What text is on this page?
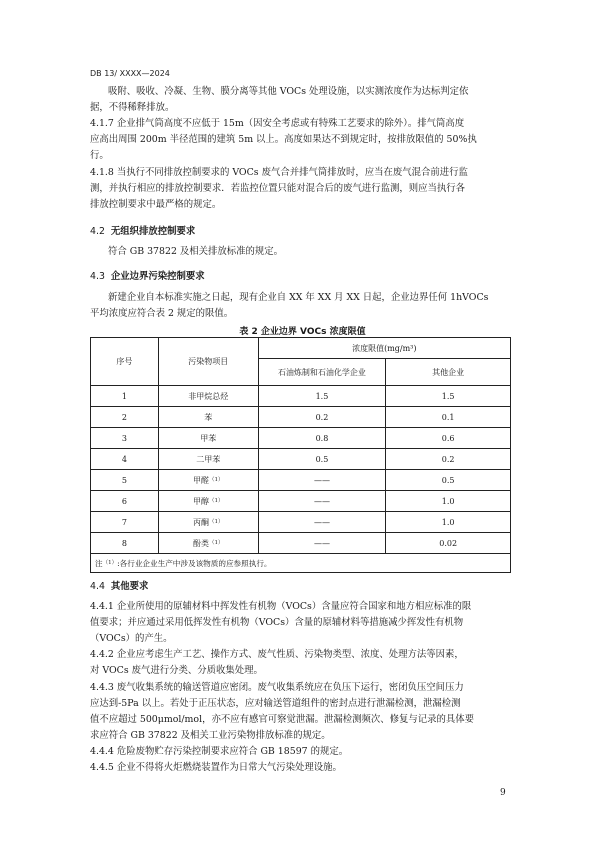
DB 13/ XXXX—2024
吸附、吸收、冷凝、生物、膜分离等其他 VOCs 处理设施，以实测浓度作为达标判定依
据，不得稀释排放。
4.1.7 企业排气筒高度不应低于 15m（因安全考虑或有特殊工艺要求的除外）。排气筒高度
应高出周围 200m 半径范围的建筑 5m 以上。高度如果达不到规定时，按排放限值的 50%执
行。
4.1.8 当执行不同排放控制要求的 VOCs 废气合并排气筒排放时，应当在废气混合前进行监
测，并执行相应的排放控制要求．若监控位置只能对混合后的废气进行监测，则应当执行各
排放控制要求中最严格的规定。
4.2 无组织排放控制要求
符合 GB 37822 及相关排放标准的规定。
4.3 企业边界污染控制要求
新建企业自本标准实施之日起，现有企业自 XX 年 XX 月 XX 日起，企业边界任何 1hVOCs
平均浓度应符合表 2 规定的限值。
表 2 企业边界 VOCs 浓度限值
序号	污染物项目	浓度限值(mg/m³)	
		石油炼制和石油化学企业	其他企业
1	非甲烷总烃	1.5	1.5
2	苯	0.2	0.1
3	甲苯	0.8	0.6
4	二甲苯	0.5	0.2
5	甲醛$^{(1)}$	——	0.5
6	甲醇$^{(1)}$	——	1.0
7	丙酮$^{(1)}$	——	1.0
8	酚类$^{(1)}$	——	0.02
注$^{(1)}$:各行业企业生产中涉及该物质的应参照执行。			
4.4 其他要求
4.4.1 企业所使用的原辅材料中挥发性有机物（VOCs）含量应符合国家和地方相应标准的限
值要求；并应通过采用低挥发性有机物（VOCs）含量的原辅材料等措施减少挥发性有机物
（VOCs）的产生。
4.4.2 企业应考虑生产工艺、操作方式、废气性质、污染物类型、浓度、处理方法等因素，
对 VOCs 废气进行分类、分质收集处理。
4.4.3 废气收集系统的输送管道应密闭。废气收集系统应在负压下运行，密闭负压空间压力
应达到-5Pa 以上。若处于正压状态，应对输送管道组件的密封点进行泄漏检测，泄漏检测
值不应超过 500μmol/mol，亦不应有感官可察觉泄漏。泄漏检测频次、修复与记录的具体要
求应符合 GB 37822 及相关工业污染物排放标准的规定。
4.4.4 危险废物贮存污染控制要求应符合 GB 18597 的规定。
4.4.5 企业不得将火炬燃烧装置作为日常大气污染处理设施。
9
